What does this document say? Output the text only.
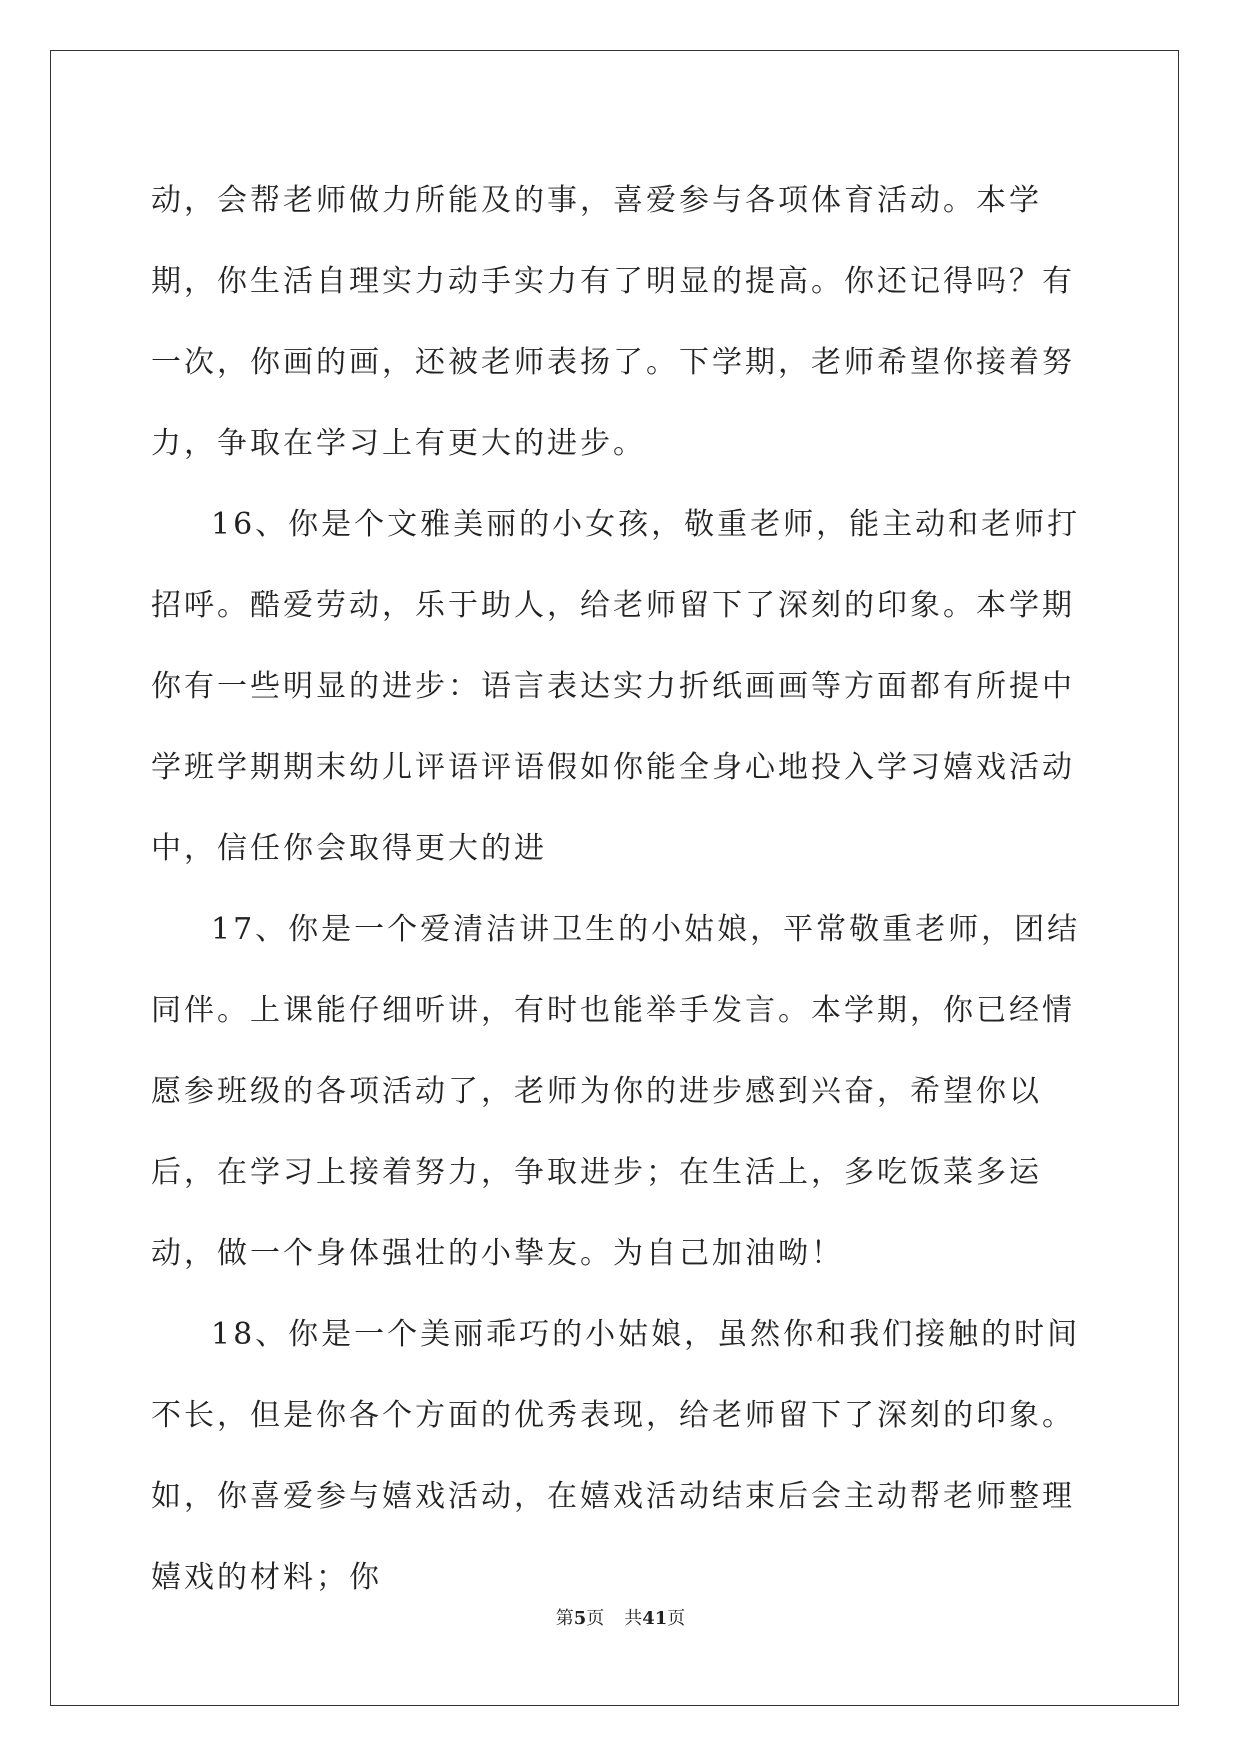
动，会帮老师做力所能及的事，喜爱参与各项体育活动。本学期，你生活自理实力动手实力有了明显的提高。你还记得吗？有一次，你画的画，还被老师表扬了。下学期，老师希望你接着努力，争取在学习上有更大的进步。

16、你是个文雅美丽的小女孩，敬重老师，能主动和老师打招呼。酷爱劳动，乐于助人，给老师留下了深刻的印象。本学期你有一些明显的进步：语言表达实力折纸画画等方面都有所提中学班学期期末幼儿评语评语假如你能全身心地投入学习嬉戏活动中，信任你会取得更大的进

17、你是一个爱清洁讲卫生的小姑娘，平常敬重老师，团结同伴。上课能仔细听讲，有时也能举手发言。本学期，你已经情愿参班级的各项活动了，老师为你的进步感到兴奋，希望你以后，在学习上接着努力，争取进步；在生活上，多吃饭菜多运动，做一个身体强壮的小挚友。为自己加油呦！

18、你是一个美丽乖巧的小姑娘，虽然你和我们接触的时间不长，但是你各个方面的优秀表现，给老师留下了深刻的印象。如，你喜爱参与嬉戏活动，在嬉戏活动结束后会主动帮老师整理嬉戏的材料；你

第5页 共41页
